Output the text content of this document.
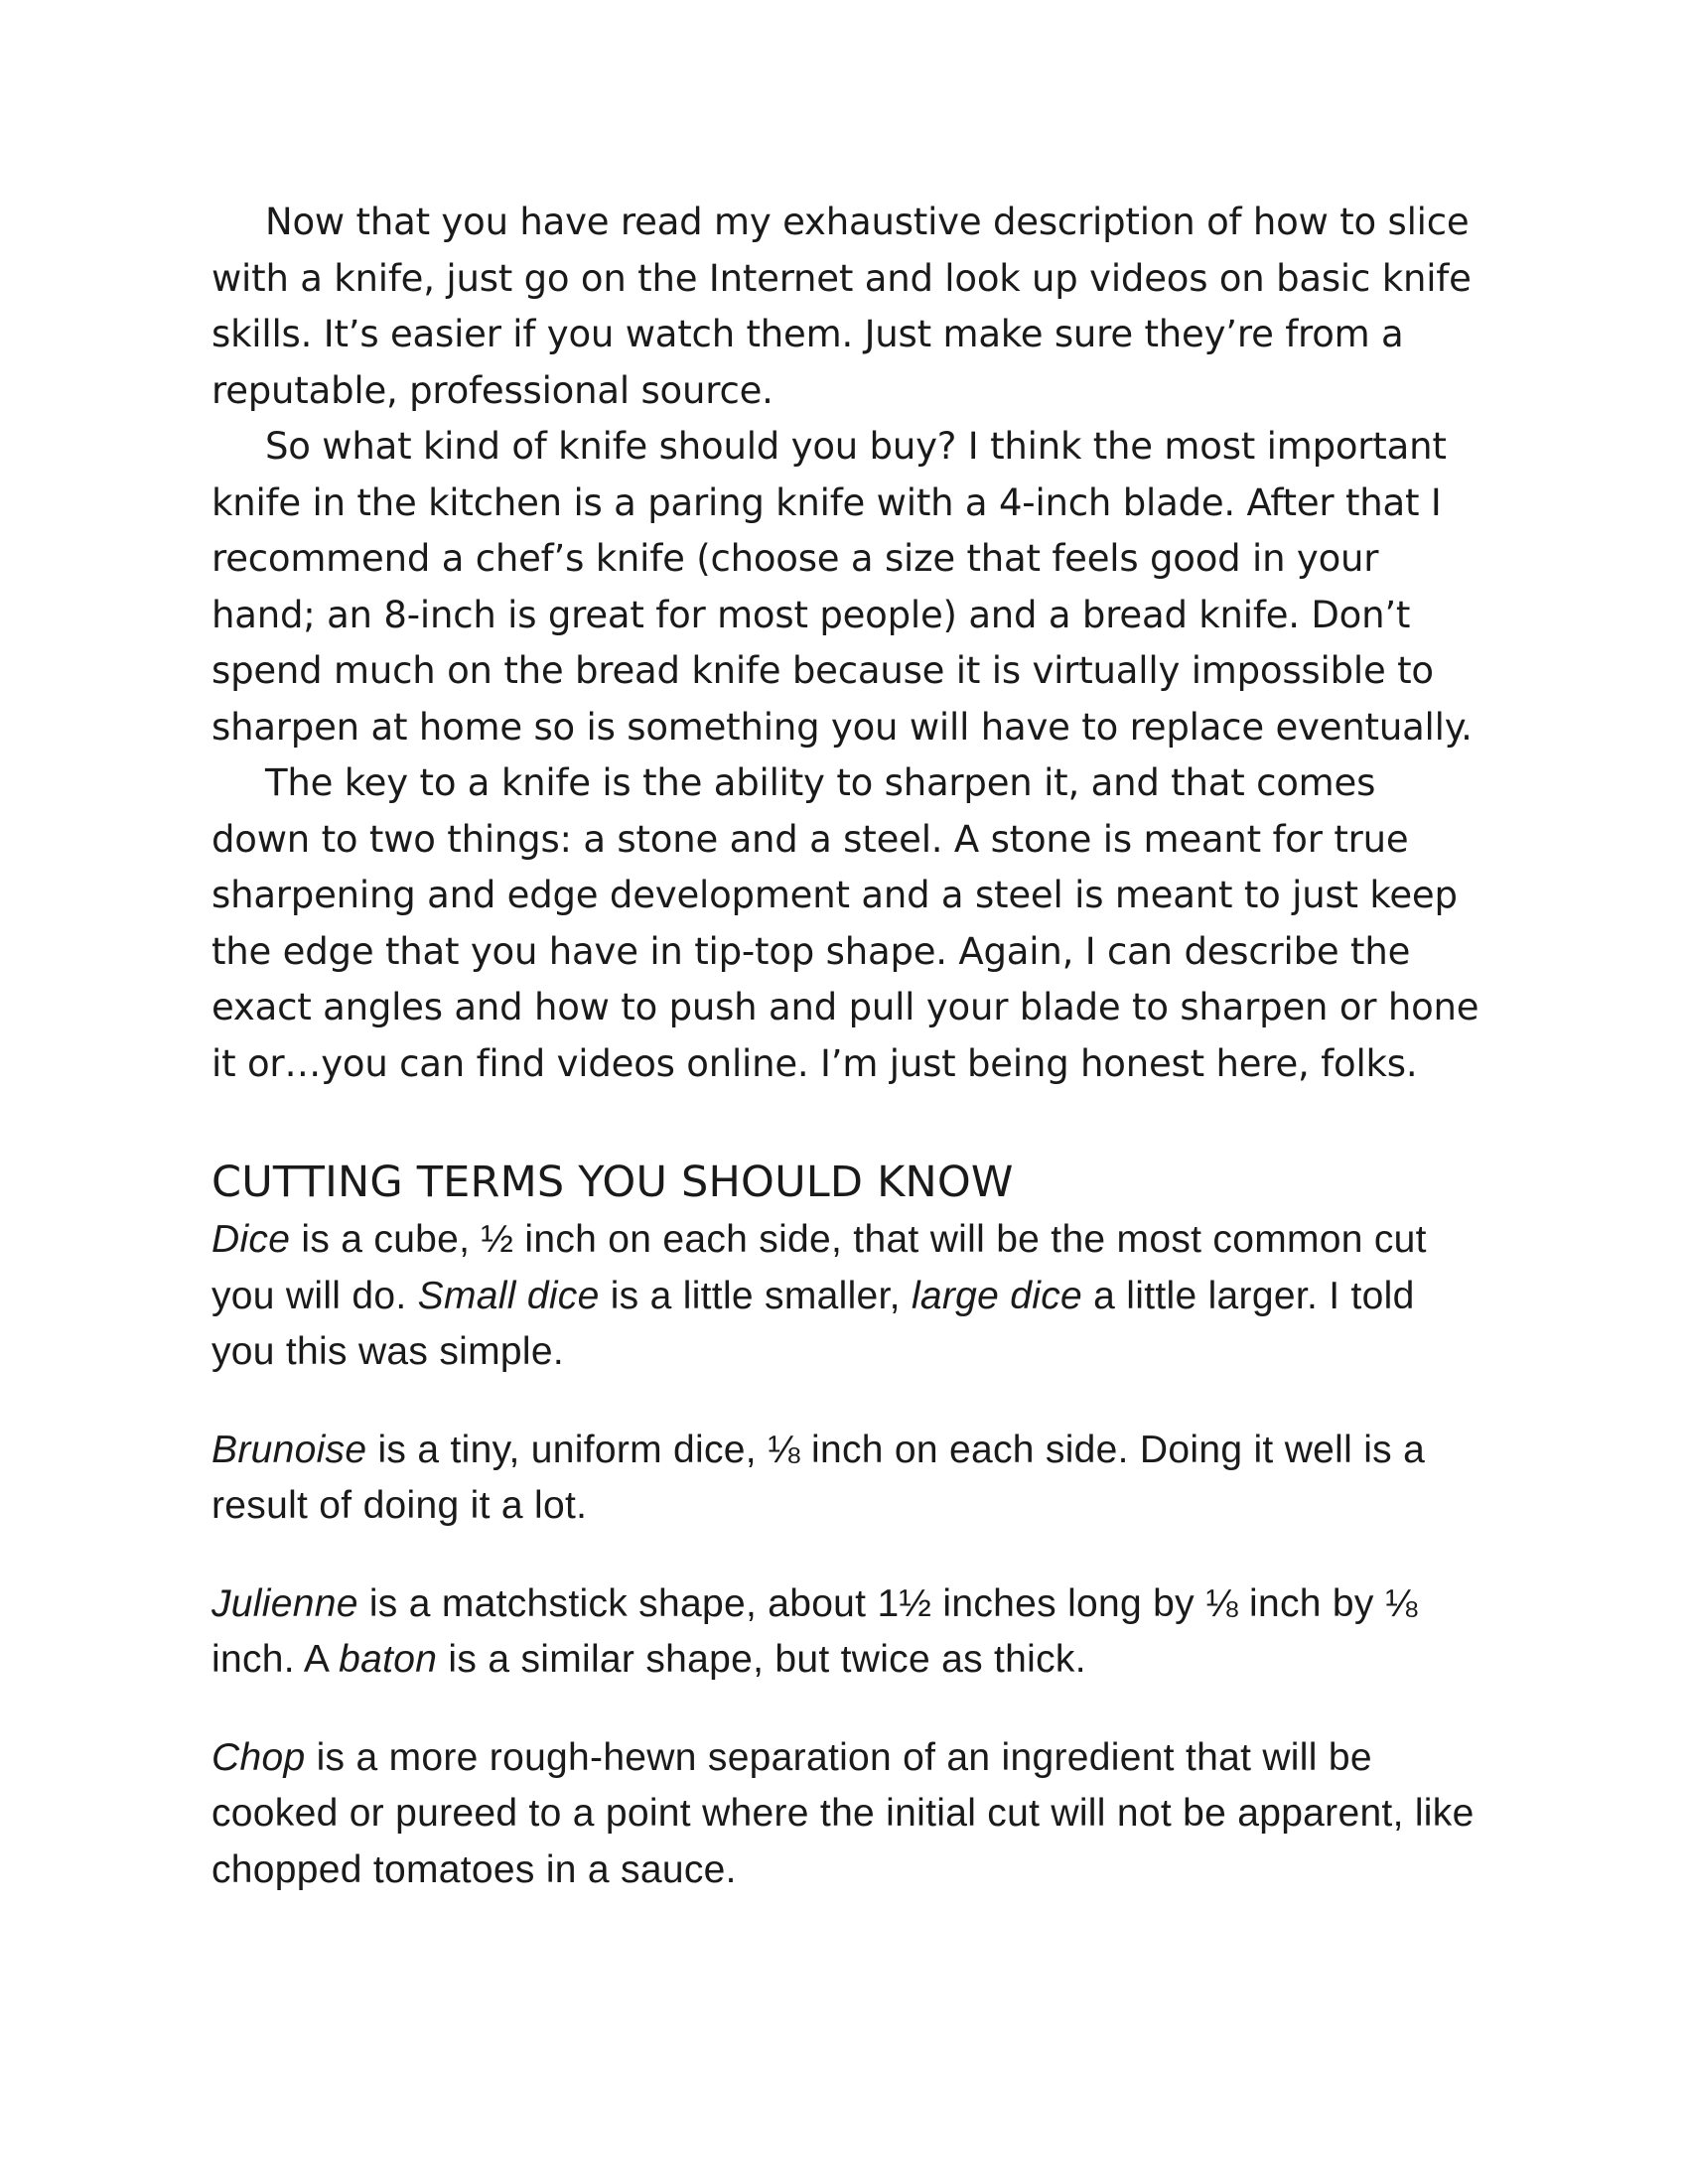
Now that you have read my exhaustive description of how to slice with a knife, just go on the Internet and look up videos on basic knife skills. It’s easier if you watch them. Just make sure they’re from a reputable, professional source.

So what kind of knife should you buy? I think the most important knife in the kitchen is a paring knife with a 4-inch blade. After that I recommend a chef’s knife (choose a size that feels good in your hand; an 8-inch is great for most people) and a bread knife. Don’t spend much on the bread knife because it is virtually impossible to sharpen at home so is something you will have to replace eventually.

The key to a knife is the ability to sharpen it, and that comes down to two things: a stone and a steel. A stone is meant for true sharpening and edge development and a steel is meant to just keep the edge that you have in tip-top shape. Again, I can describe the exact angles and how to push and pull your blade to sharpen or hone it or…you can find videos online. I’m just being honest here, folks.

CUTTING TERMS YOU SHOULD KNOW

Dice is a cube, ½ inch on each side, that will be the most common cut you will do. Small dice is a little smaller, large dice a little larger. I told you this was simple.

Brunoise is a tiny, uniform dice, ⅛ inch on each side. Doing it well is a result of doing it a lot.

Julienne is a matchstick shape, about 1½ inches long by ⅛ inch by ⅛ inch. A baton is a similar shape, but twice as thick.

Chop is a more rough-hewn separation of an ingredient that will be cooked or pureed to a point where the initial cut will not be apparent, like chopped tomatoes in a sauce.
